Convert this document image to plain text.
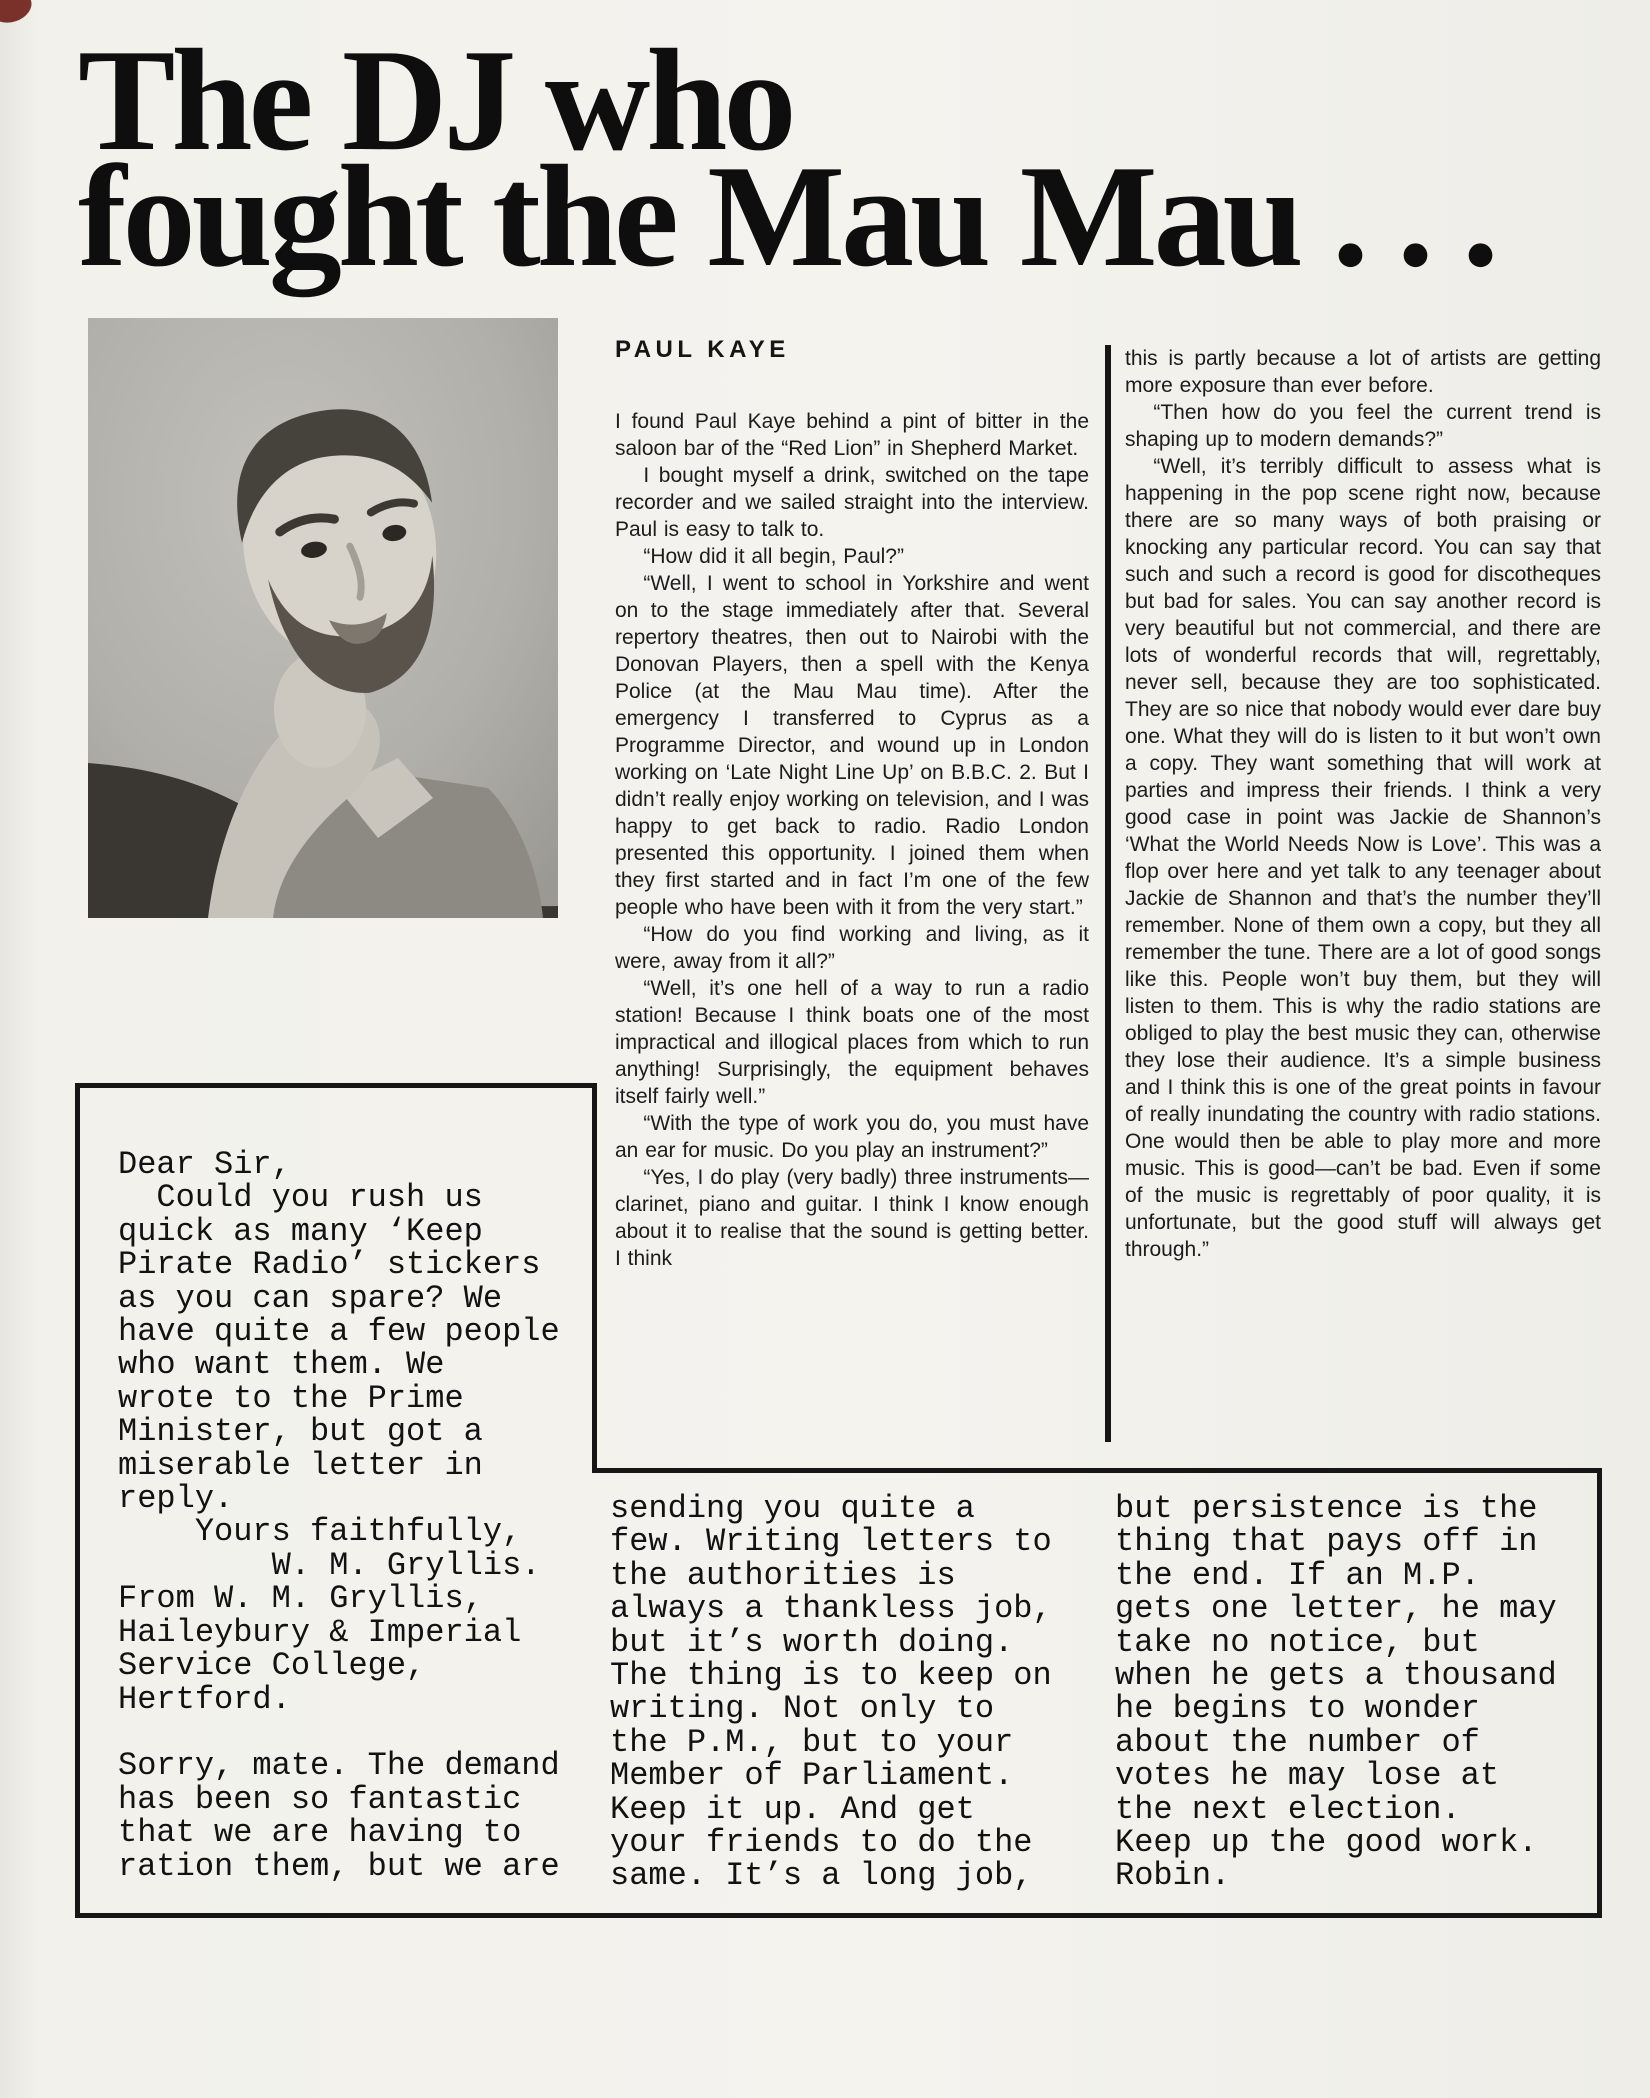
The DJ who
fought the Mau Mau . . .
PAUL KAYE

I found Paul Kaye behind a pint of bitter in the saloon bar of the “Red Lion” in Shepherd Market.

I bought myself a drink, switched on the tape recorder and we sailed straight into the interview. Paul is easy to talk to.

“How did it all begin, Paul?”

“Well, I went to school in Yorkshire and went on to the stage immediately after that. Several repertory theatres, then out to Nairobi with the Donovan Players, then a spell with the Kenya Police (at the Mau Mau time). After the emergency I transferred to Cyprus as a Programme Director, and wound up in London working on ‘Late Night Line Up’ on B.B.C. 2. But I didn’t really enjoy working on television, and I was happy to get back to radio. Radio London presented this opportunity. I joined them when they first started and in fact I’m one of the few people who have been with it from the very start.”

“How do you find working and living, as it were, away from it all?”

“Well, it’s one hell of a way to run a radio station! Because I think boats one of the most impractical and illogical places from which to run anything! Surprisingly, the equipment behaves itself fairly well.”

“With the type of work you do, you must have an ear for music. Do you play an instrument?”

“Yes, I do play (very badly) three instruments—clarinet, piano and guitar. I think I know enough about it to realise that the sound is getting better. I think

this is partly because a lot of artists are getting more exposure than ever before.

“Then how do you feel the current trend is shaping up to modern demands?”

“Well, it’s terribly difficult to assess what is happening in the pop scene right now, because there are so many ways of both praising or knocking any particular record. You can say that such and such a record is good for discotheques but bad for sales. You can say another record is very beautiful but not commercial, and there are lots of wonderful records that will, regrettably, never sell, because they are too sophisticated. They are so nice that nobody would ever dare buy one. What they will do is listen to it but won’t own a copy. They want something that will work at parties and impress their friends. I think a very good case in point was Jackie de Shannon’s ‘What the World Needs Now is Love’. This was a flop over here and yet talk to any teenager about Jackie de Shannon and that’s the number they’ll remember. None of them own a copy, but they all remember the tune. There are a lot of good songs like this. People won’t buy them, but they will listen to them. This is why the radio stations are obliged to play the best music they can, otherwise they lose their audience. It’s a simple business and I think this is one of the great points in favour of really inundating the country with radio stations. One would then be able to play more and more music. This is good—can’t be bad. Even if some of the music is regrettably of poor quality, it is unfortunate, but the good stuff will always get through.”

Dear Sir,
Could you rush us
quick as many ‘Keep
Pirate Radio’ stickers
as you can spare? We
have quite a few people
who want them. We
wrote to the Prime
Minister, but got a
miserable letter in
reply.
Yours faithfully,
W. M. Gryllis.
From W. M. Gryllis,
Haileybury & Imperial
Service College,
Hertford.

Sorry, mate. The demand
has been so fantastic
that we are having to
ration them, but we are
sending you quite a
few. Writing letters to
the authorities is
always a thankless job,
but it’s worth doing.
The thing is to keep on
writing. Not only to
the P.M., but to your
Member of Parliament.
Keep it up. And get
your friends to do the
same. It’s a long job,
but persistence is the
thing that pays off in
the end. If an M.P.
gets one letter, he may
take no notice, but
when he gets a thousand
he begins to wonder
about the number of
votes he may lose at
the next election.
Keep up the good work.
Robin.
